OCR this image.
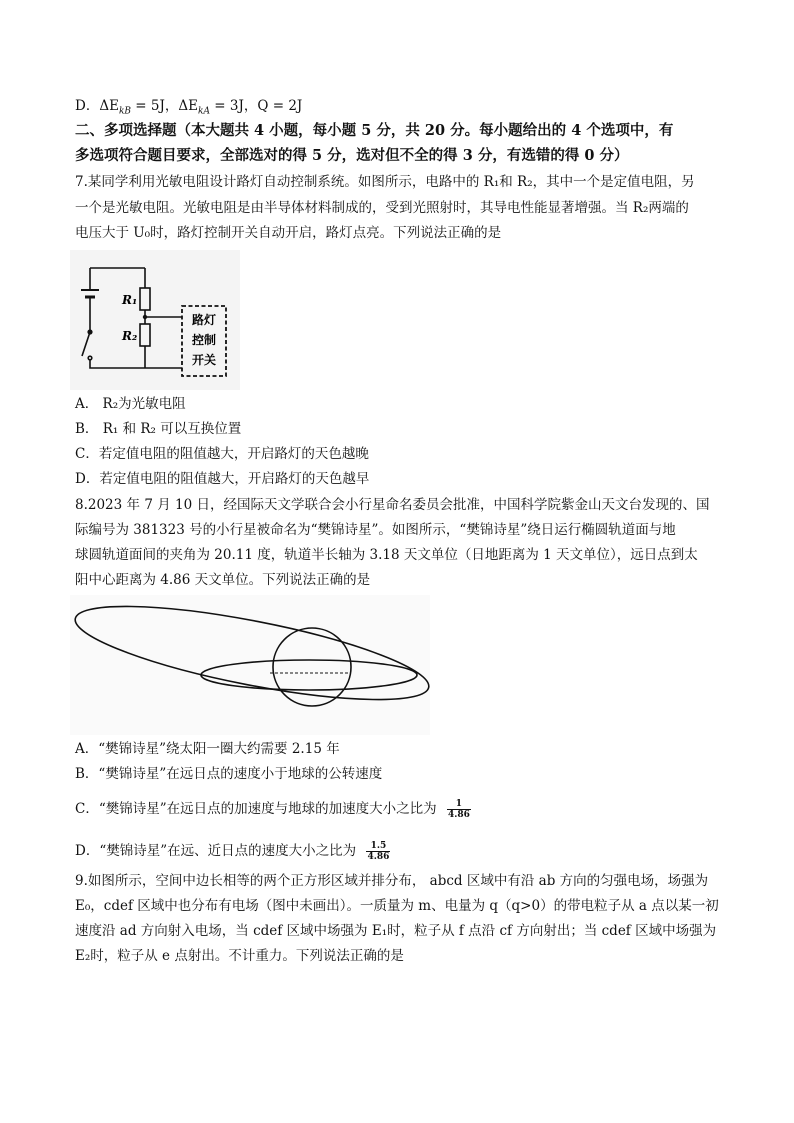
D．$\Delta E_{kB} = 5J$，$\Delta E_{kA} = 3J$，Q = 2J
二、多项选择题（本大题共 4 小题，每小题 5 分，共 20 分。每小题给出的 4 个选项中，有
多选项符合题目要求，全部选对的得 5 分，选对但不全的得 3 分，有选错的得 0 分）
7.某同学利用光敏电阻设计路灯自动控制系统。如图所示，电路中的 R₁和 R₂，其中一个是定值电阻，另
一个是光敏电阻。光敏电阻是由半导体材料制成的，受到光照射时，其导电性能显著增强。当 R₂两端的
电压大于 U₀时，路灯控制开关自动开启，路灯点亮。下列说法正确的是
R₁
R₂
路灯
控制
开关
A． R₂为光敏电阻
B． R₁ 和 R₂ 可以互换位置
C．若定值电阻的阻值越大，开启路灯的天色越晚
D．若定值电阻的阻值越大，开启路灯的天色越早
8.2023 年 7 月 10 日，经国际天文学联合会小行星命名委员会批准，中国科学院紫金山天文台发现的、国
际编号为 381323 号的小行星被命名为“樊锦诗星”。如图所示，“樊锦诗星”绕日运行椭圆轨道面与地
球圆轨道面间的夹角为 20.11 度，轨道半长轴为 3.18 天文单位（日地距离为 1 天文单位），远日点到太
阳中心距离为 4.86 天文单位。下列说法正确的是
A．“樊锦诗星”绕太阳一圈大约需要 2.15 年
B．“樊锦诗星”在远日点的速度小于地球的公转速度
C．“樊锦诗星”在远日点的加速度与地球的加速度大小之比为 $\frac{1}{4.86}$
D．“樊锦诗星”在远、近日点的速度大小之比为 $\frac{1.5}{4.86}$
9.如图所示，空间中边长相等的两个正方形区域并排分布， abcd 区域中有沿 ab 方向的匀强电场，场强为
E₀，cdef 区域中也分布有电场（图中未画出）。一质量为 m、电量为 q（q>0）的带电粒子从 a 点以某一初
速度沿 ad 方向射入电场，当 cdef 区域中场强为 E₁时，粒子从 f 点沿 cf 方向射出；当 cdef 区域中场强为
E₂时，粒子从 e 点射出。不计重力。下列说法正确的是
